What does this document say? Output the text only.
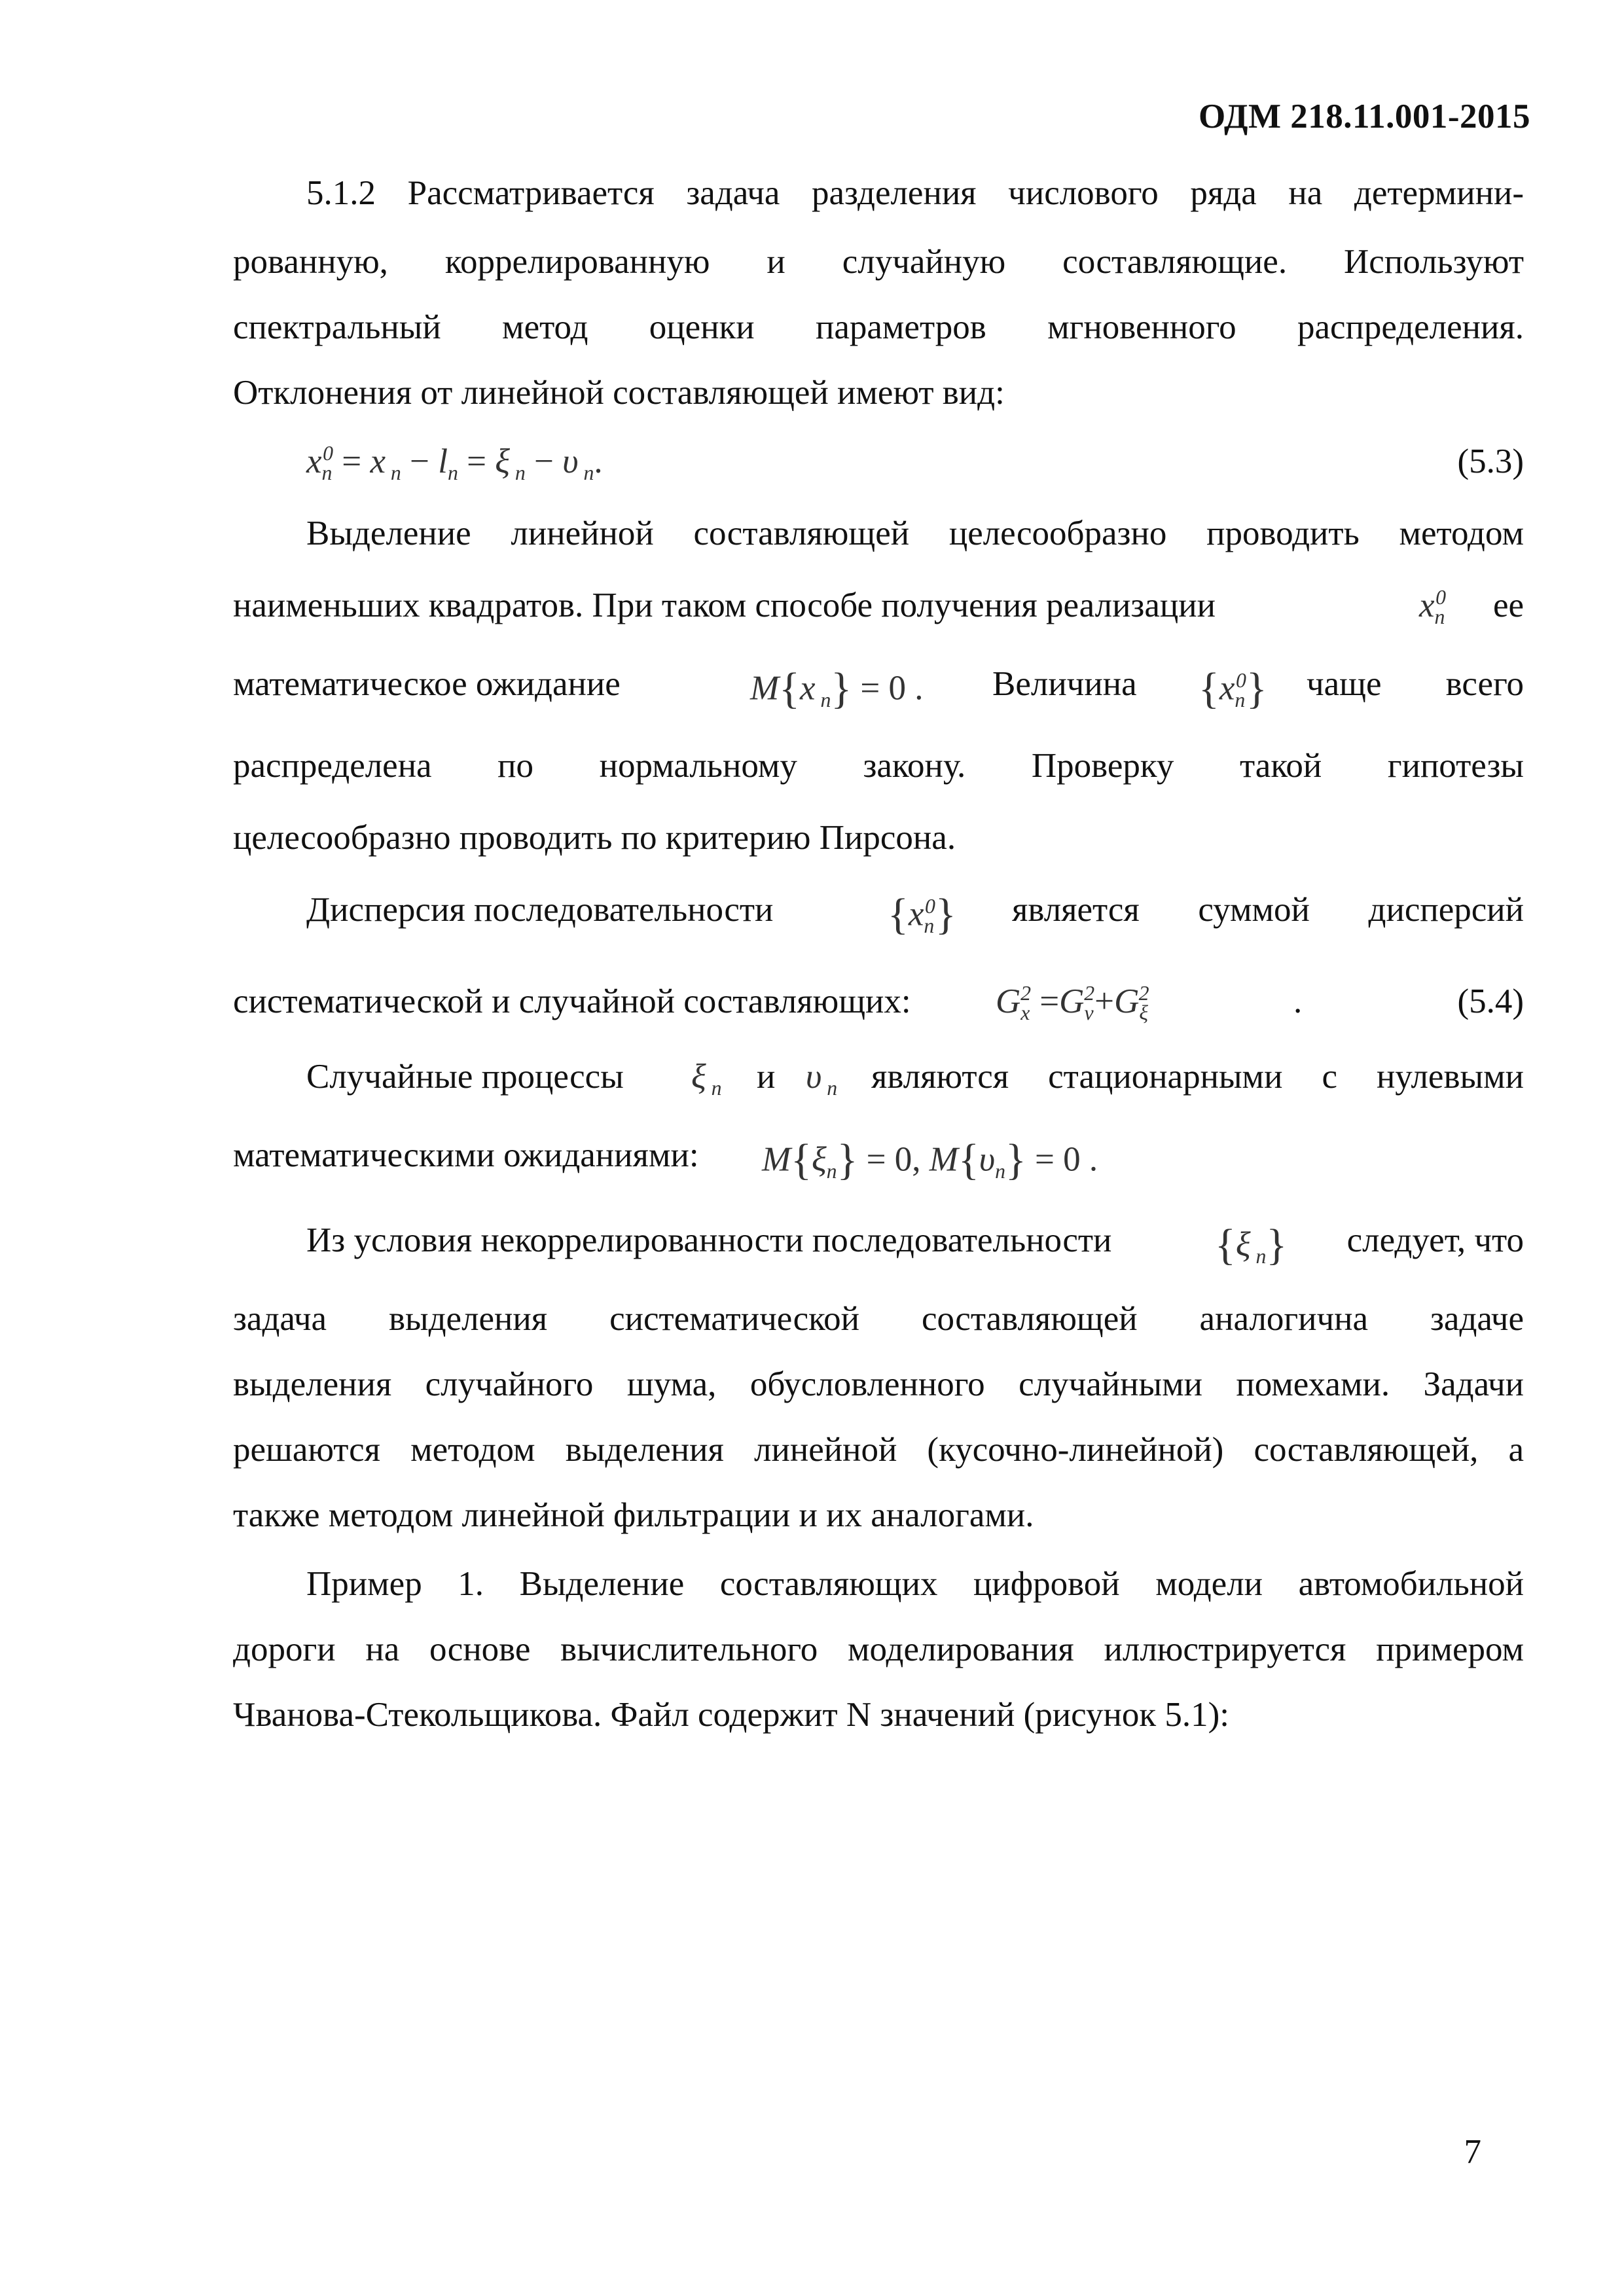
ОДМ 218.11.001-2015
5.1.2 Рассматривается задача разделения числового ряда на детермини-
рованную, коррелированную и случайную составляющие. Используют
спектральный метод оценки параметров мгновенного распределения.
Отклонения от линейной составляющей имеют вид:
$x_n^0 = x$ $_n - l_n = \xi$ $_n$ − υ $_n$.	(5.3)
Выделение линейной составляющей целесообразно проводить методом
наименьших квадратов. При таком способе получения реализации	$x_n^0$ ее
математическое ожидание	M{x $_n$} = 0 . Величина $\{x_n^0\}$ чаще всего
распределена по нормальному закону. Проверку такой гипотезы
целесообразно проводить по критерию Пирсона.
Дисперсия последовательности	$\{x_n^0\}$ является суммой дисперсий
систематической и случайной составляющих: $G_x^2 =G_v^2+G_\xi^2$	.	(5.4)
Случайные процессы ξ $_n$ и υ $_n$ являются стационарными с нулевыми
математическими ожиданиями: $M\{\xi_n\} = 0$, $M\{\upsilon_n\} = 0$ .
Из условия некоррелированности последовательности {ξ $_n$} следует, что
задача выделения систематической составляющей аналогична задаче
выделения случайного шума, обусловленного случайными помехами. Задачи
решаются методом выделения линейной (кусочно-линейной) составляющей, а
также методом линейной фильтрации и их аналогами.
Пример 1. Выделение составляющих цифровой модели автомобильной
дороги на основе вычислительного моделирования иллюстрируется примером
Чванова-Стекольщикова. Файл содержит N значений (рисунок 5.1):
7
